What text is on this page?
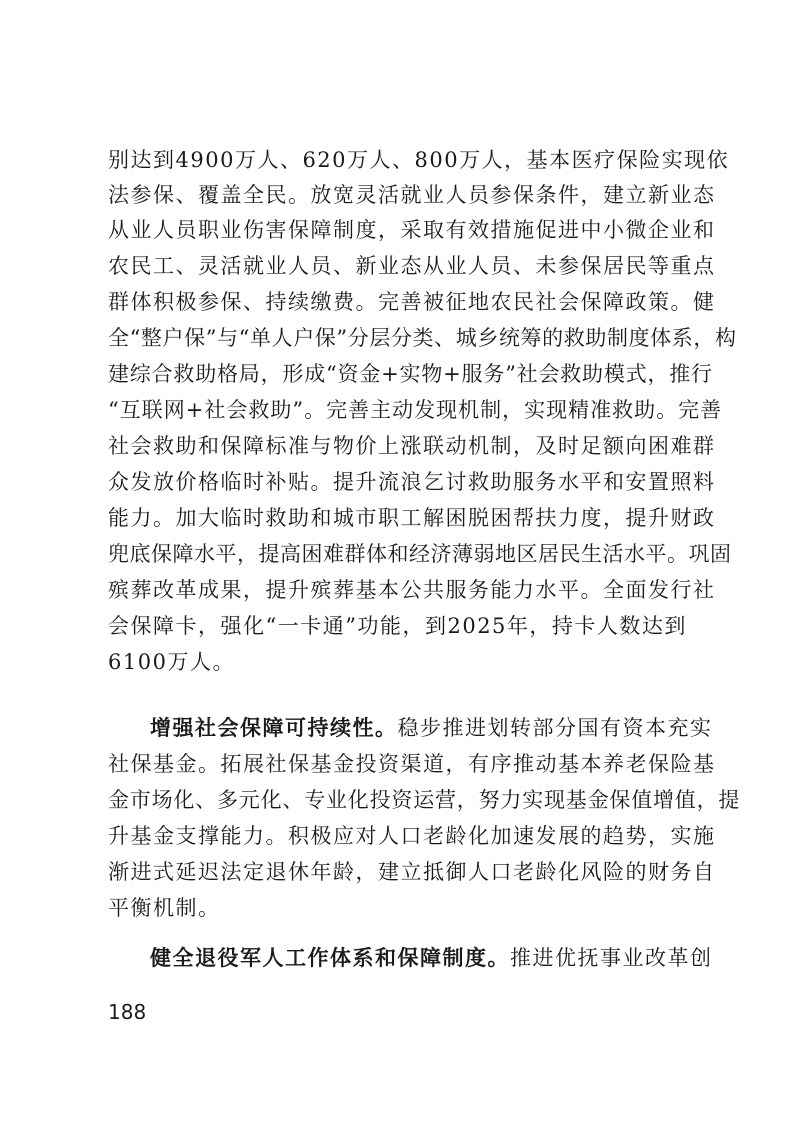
别达到4900万人、620万人、800万人，基本医疗保险实现依
法参保、覆盖全民。放宽灵活就业人员参保条件，建立新业态
从业人员职业伤害保障制度，采取有效措施促进中小微企业和
农民工、灵活就业人员、新业态从业人员、未参保居民等重点
群体积极参保、持续缴费。完善被征地农民社会保障政策。健
全“整户保”与“单人户保”分层分类、城乡统筹的救助制度体系，构
建综合救助格局，形成“资金+实物+服务”社会救助模式，推行
“互联网+社会救助”。完善主动发现机制，实现精准救助。完善
社会救助和保障标准与物价上涨联动机制，及时足额向困难群
众发放价格临时补贴。提升流浪乞讨救助服务水平和安置照料
能力。加大临时救助和城市职工解困脱困帮扶力度，提升财政
兜底保障水平，提高困难群体和经济薄弱地区居民生活水平。巩固
殡葬改革成果，提升殡葬基本公共服务能力水平。全面发行社
会保障卡，强化“一卡通”功能，到2025年，持卡人数达到
6100万人。
增强社会保障可持续性。稳步推进划转部分国有资本充实
社保基金。拓展社保基金投资渠道，有序推动基本养老保险基
金市场化、多元化、专业化投资运营，努力实现基金保值增值，提
升基金支撑能力。积极应对人口老龄化加速发展的趋势，实施
渐进式延迟法定退休年龄，建立抵御人口老龄化风险的财务自
平衡机制。
健全退役军人工作体系和保障制度。推进优抚事业改革创
188
